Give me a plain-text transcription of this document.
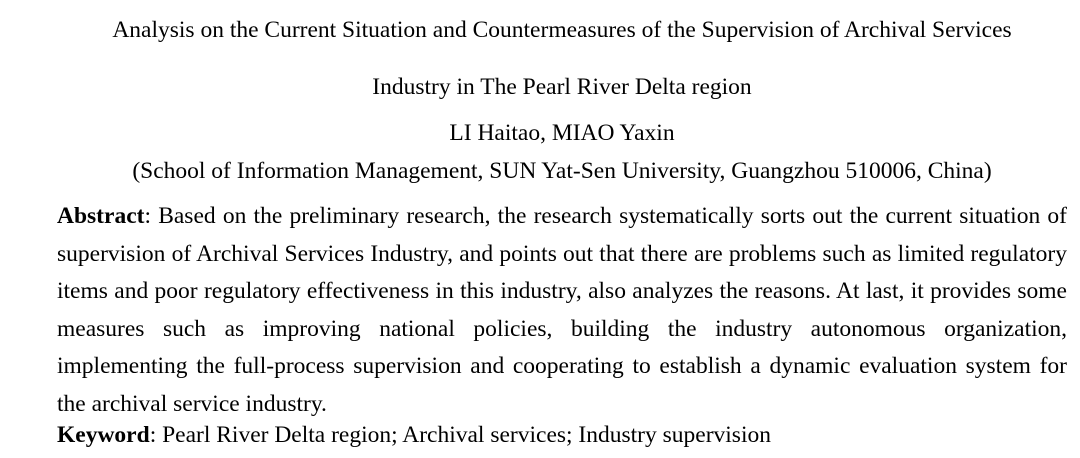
Analysis on the Current Situation and Countermeasures of the Supervision of Archival Services
Industry in The Pearl River Delta region
LI Haitao, MIAO Yaxin
(School of Information Management, SUN Yat-Sen University, Guangzhou 510006, China)

Abstract: Based on the preliminary research, the research systematically sorts out the current situation of supervision of Archival Services Industry, and points out that there are problems such as limited regulatory items and poor regulatory effectiveness in this industry, also analyzes the reasons. At last, it provides some measures such as improving national policies, building the industry autonomous organization, implementing the full-process supervision and cooperating to establish a dynamic evaluation system for the archival service industry.

Keyword: Pearl River Delta region; Archival services; Industry supervision
